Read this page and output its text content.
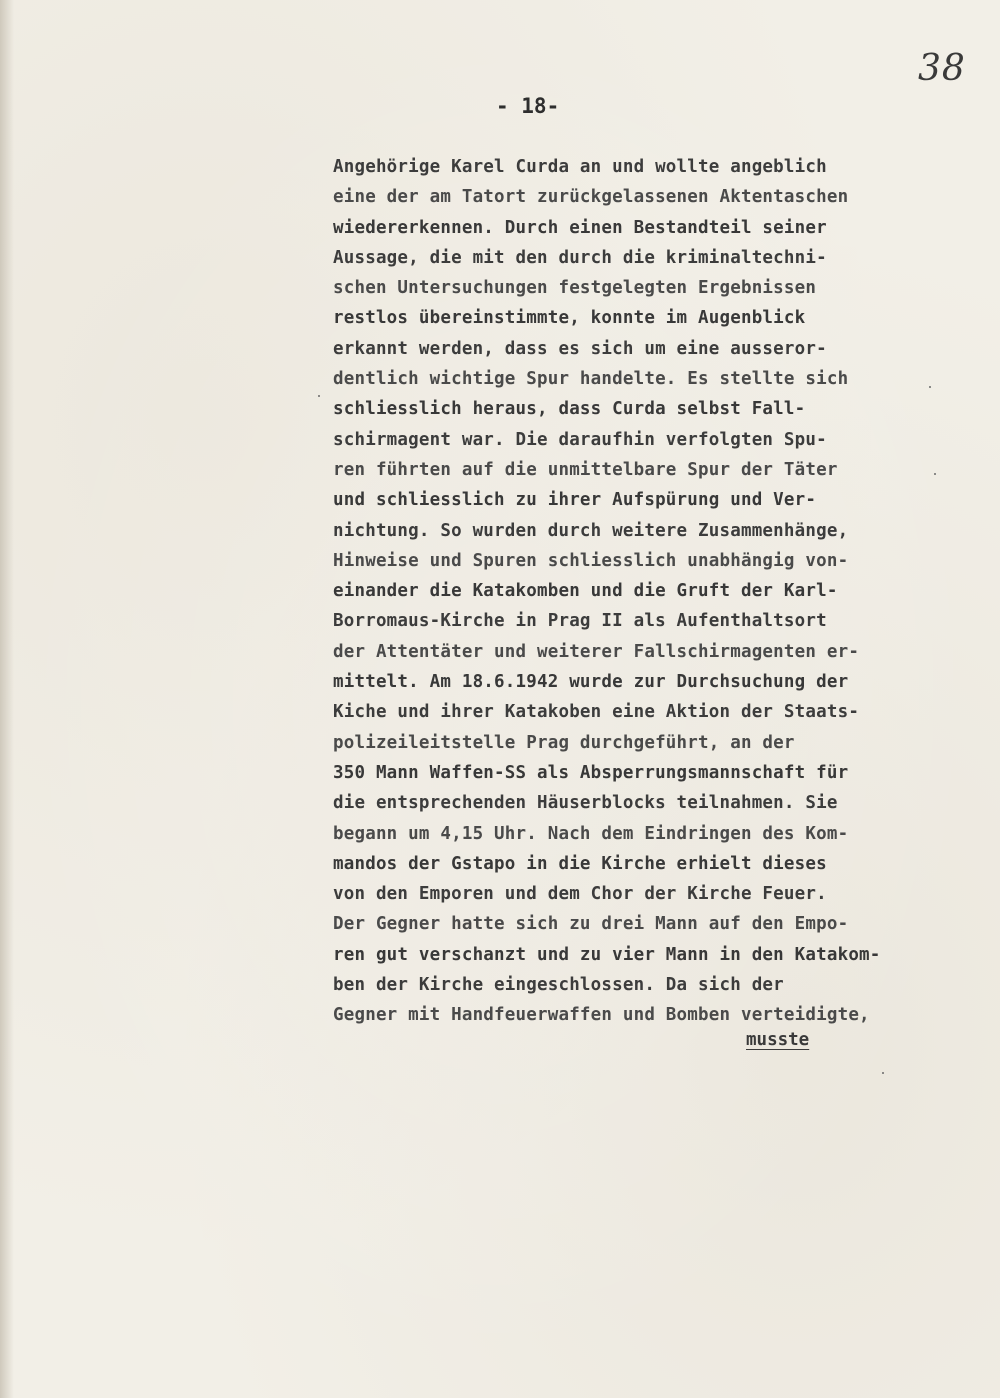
38
- 18-
Angehörige Karel Curda an und wollte angeblich
eine der am Tatort zurückgelassenen Aktentaschen
wiedererkennen. Durch einen Bestandteil seiner
Aussage, die mit den durch die kriminaltechni-
schen Untersuchungen festgelegten Ergebnissen
restlos übereinstimmte, konnte im Augenblick
erkannt werden, dass es sich um eine ausseror-
dentlich wichtige Spur handelte. Es stellte sich
schliesslich heraus, dass Curda selbst Fall-
schirmagent war. Die daraufhin verfolgten Spu-
ren führten auf die unmittelbare Spur der Täter
und schliesslich zu ihrer Aufspürung und Ver-
nichtung. So wurden durch weitere Zusammenhänge,
Hinweise und Spuren schliesslich unabhängig von-
einander die Katakomben und die Gruft der Karl-
Borromaus-Kirche in Prag II als Aufenthaltsort
der Attentäter und weiterer Fallschirmagenten er-
mittelt. Am 18.6.1942 wurde zur Durchsuchung der
Kiche und ihrer Katakoben eine Aktion der Staats-
polizeileitstelle Prag durchgeführt, an der
350 Mann Waffen-SS als Absperrungsmannschaft für
die entsprechenden Häuserblocks teilnahmen. Sie
begann um 4,15 Uhr. Nach dem Eindringen des Kom-
mandos der Gstapo in die Kirche erhielt dieses
von den Emporen und dem Chor der Kirche Feuer.
Der Gegner hatte sich zu drei Mann auf den Empo-
ren gut verschanzt und zu vier Mann in den Katakom-
ben der Kirche eingeschlossen. Da sich der
Gegner mit Handfeuerwaffen und Bomben verteidigte,
musste
